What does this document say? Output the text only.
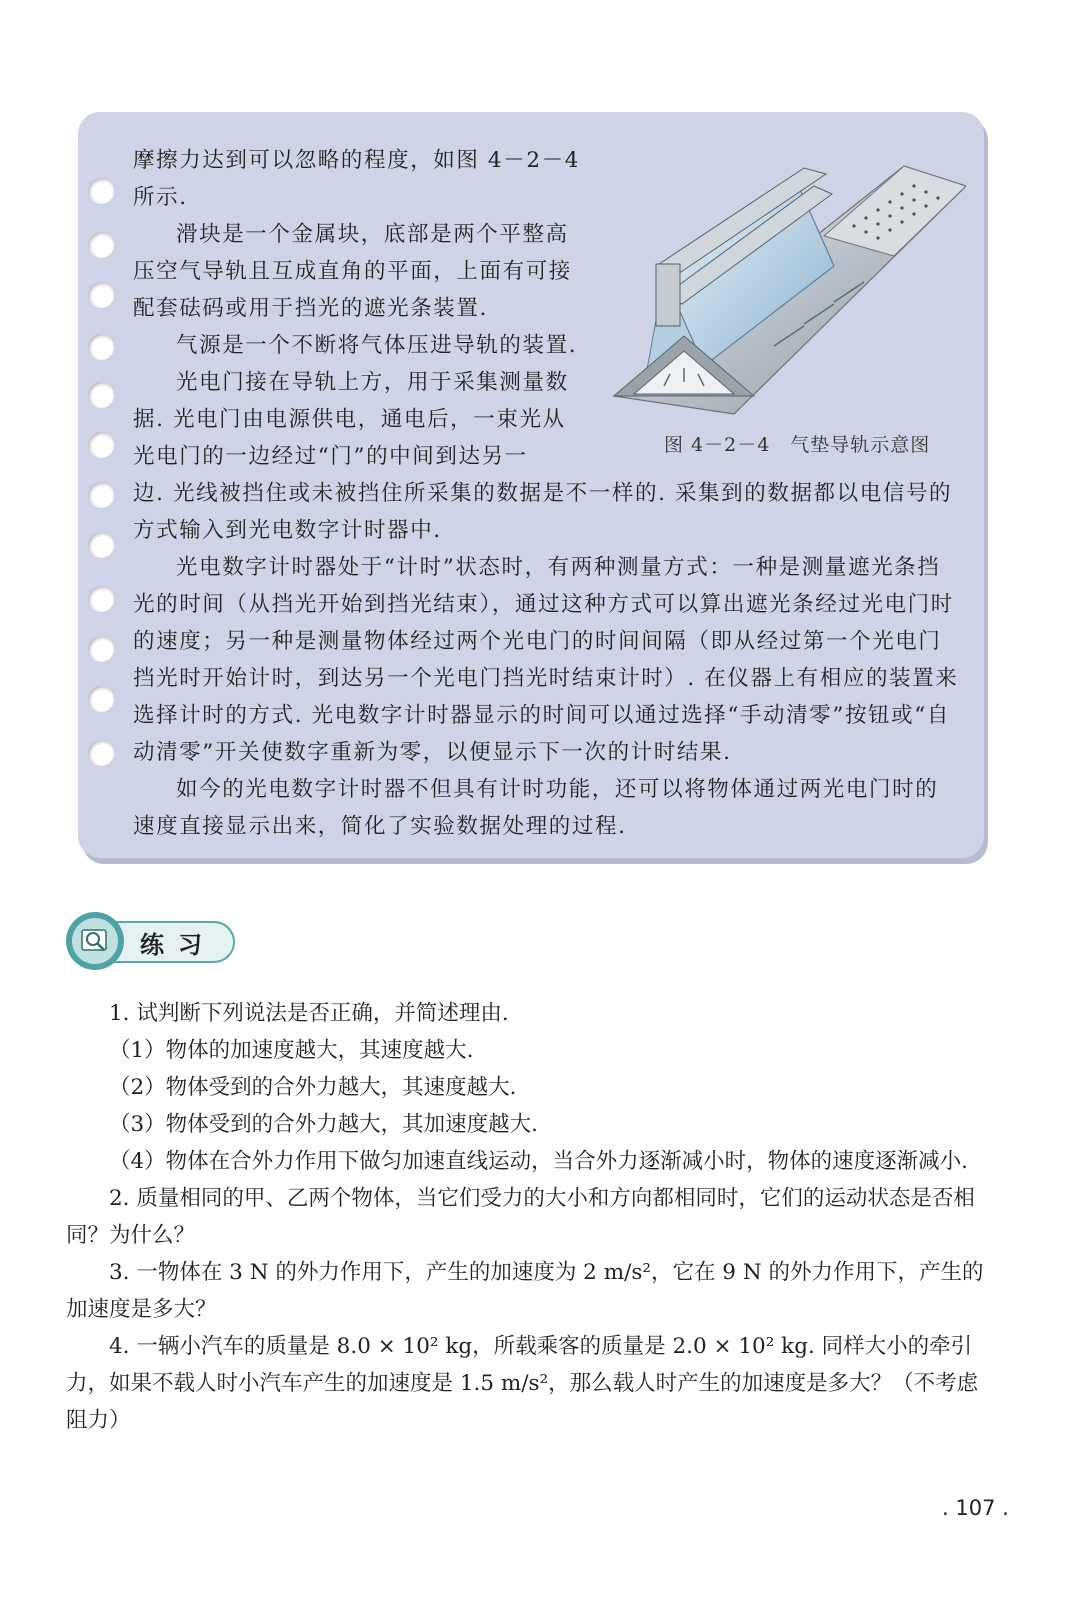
摩擦力达到可以忽略的程度，如图 4－2－4 所示.

滑块是一个金属块，底部是两个平整高压空气导轨且互成直角的平面，上面有可接配套砝码或用于挡光的遮光条装置.

气源是一个不断将气体压进导轨的装置.

光电门接在导轨上方，用于采集测量数据. 光电门由电源供电，通电后，一束光从光电门的一边经过“门”的中间到达另一

边. 光线被挡住或未被挡住所采集的数据是不一样的. 采集到的数据都以电信号的方式输入到光电数字计时器中.

光电数字计时器处于“计时”状态时，有两种测量方式：一种是测量遮光条挡光的时间（从挡光开始到挡光结束），通过这种方式可以算出遮光条经过光电门时的速度；另一种是测量物体经过两个光电门的时间间隔（即从经过第一个光电门挡光时开始计时，到达另一个光电门挡光时结束计时）. 在仪器上有相应的装置来选择计时的方式. 光电数字计时器显示的时间可以通过选择“手动清零”按钮或“自动清零”开关使数字重新为零，以便显示下一次的计时结果.

如今的光电数字计时器不但具有计时功能，还可以将物体通过两光电门时的速度直接显示出来，简化了实验数据处理的过程.

图 4－2－4　气垫导轨示意图
练习

1. 试判断下列说法是否正确，并简述理由.

（1）物体的加速度越大，其速度越大.

（2）物体受到的合外力越大，其速度越大.

（3）物体受到的合外力越大，其加速度越大.

（4）物体在合外力作用下做匀加速直线运动，当合外力逐渐减小时，物体的速度逐渐减小.

2. 质量相同的甲、乙两个物体，当它们受力的大小和方向都相同时，它们的运动状态是否相同？为什么？

3. 一物体在 3 N 的外力作用下，产生的加速度为 2 m/s²，它在 9 N 的外力作用下，产生的加速度是多大？

4. 一辆小汽车的质量是 8.0 × 10² kg，所载乘客的质量是 2.0 × 10² kg. 同样大小的牵引力，如果不载人时小汽车产生的加速度是 1.5 m/s²，那么载人时产生的加速度是多大？（不考虑阻力）

. 107 .
